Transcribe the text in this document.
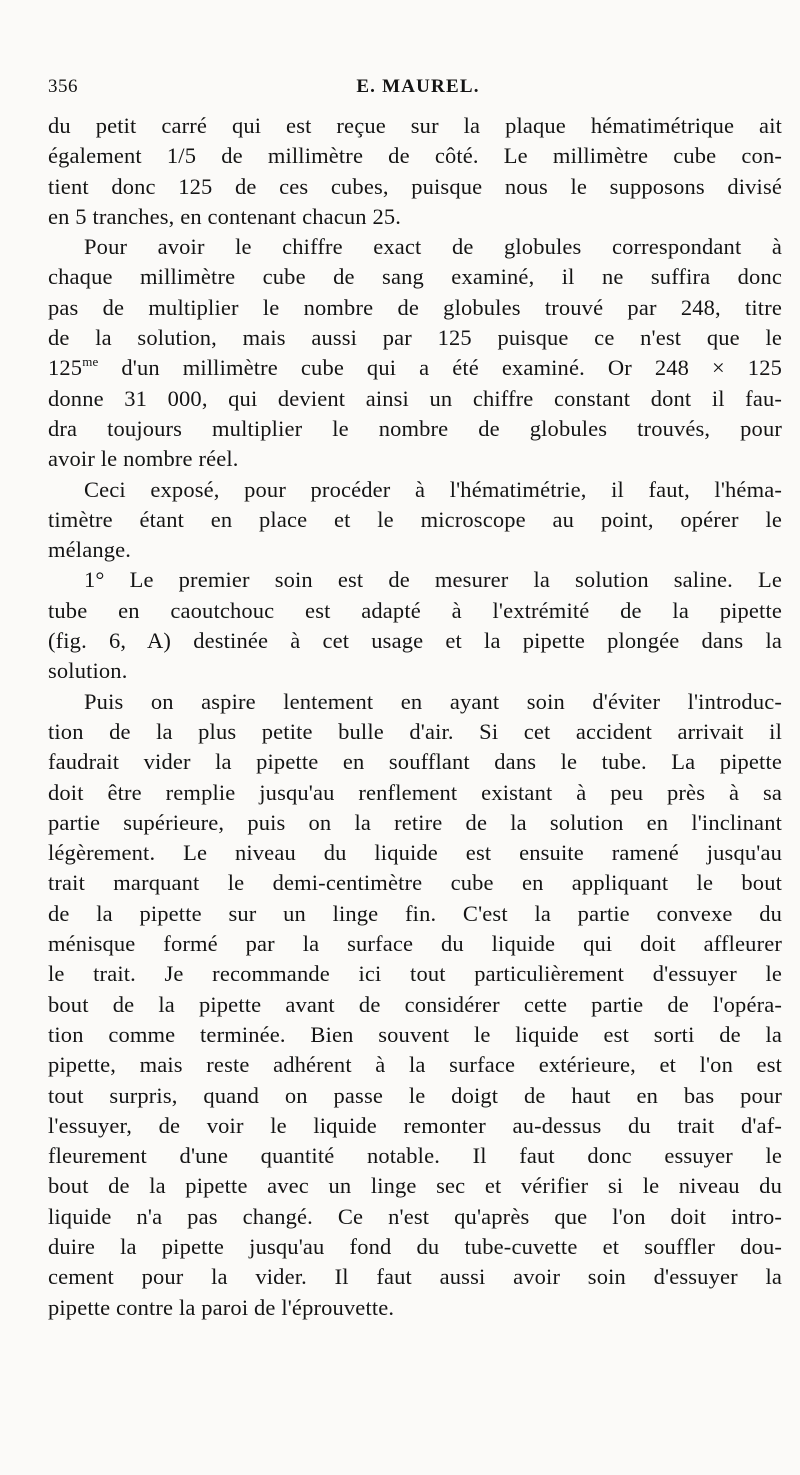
356	E. MAUREL.
du petit carré qui est reçue sur la plaque hématimétrique ait
également 1/5 de millimètre de côté. Le millimètre cube con-
tient donc 125 de ces cubes, puisque nous le supposons divisé
en 5 tranches, en contenant chacun 25.
Pour avoir le chiffre exact de globules correspondant à
chaque millimètre cube de sang examiné, il ne suffira donc
pas de multiplier le nombre de globules trouvé par 248, titre
de la solution, mais aussi par 125 puisque ce n'est que le
$125^{me}$ d'un millimètre cube qui a été examiné. Or 248 × 125
donne 31 000, qui devient ainsi un chiffre constant dont il fau-
dra toujours multiplier le nombre de globules trouvés, pour
avoir le nombre réel.
Ceci exposé, pour procéder à l'hématimétrie, il faut, l'héma-
timètre étant en place et le microscope au point, opérer le
mélange.
1° Le premier soin est de mesurer la solution saline. Le
tube en caoutchouc est adapté à l'extrémité de la pipette
(fig. 6, A) destinée à cet usage et la pipette plongée dans la
solution.
Puis on aspire lentement en ayant soin d'éviter l'introduc-
tion de la plus petite bulle d'air. Si cet accident arrivait il
faudrait vider la pipette en soufflant dans le tube. La pipette
doit être remplie jusqu'au renflement existant à peu près à sa
partie supérieure, puis on la retire de la solution en l'inclinant
légèrement. Le niveau du liquide est ensuite ramené jusqu'au
trait marquant le demi-centimètre cube en appliquant le bout
de la pipette sur un linge fin. C'est la partie convexe du
ménisque formé par la surface du liquide qui doit affleurer
le trait. Je recommande ici tout particulièrement d'essuyer le
bout de la pipette avant de considérer cette partie de l'opéra-
tion comme terminée. Bien souvent le liquide est sorti de la
pipette, mais reste adhérent à la surface extérieure, et l'on est
tout surpris, quand on passe le doigt de haut en bas pour
l'essuyer, de voir le liquide remonter au-dessus du trait d'af-
fleurement d'une quantité notable. Il faut donc essuyer le
bout de la pipette avec un linge sec et vérifier si le niveau du
liquide n'a pas changé. Ce n'est qu'après que l'on doit intro-
duire la pipette jusqu'au fond du tube-cuvette et souffler dou-
cement pour la vider. Il faut aussi avoir soin d'essuyer la
pipette contre la paroi de l'éprouvette.
